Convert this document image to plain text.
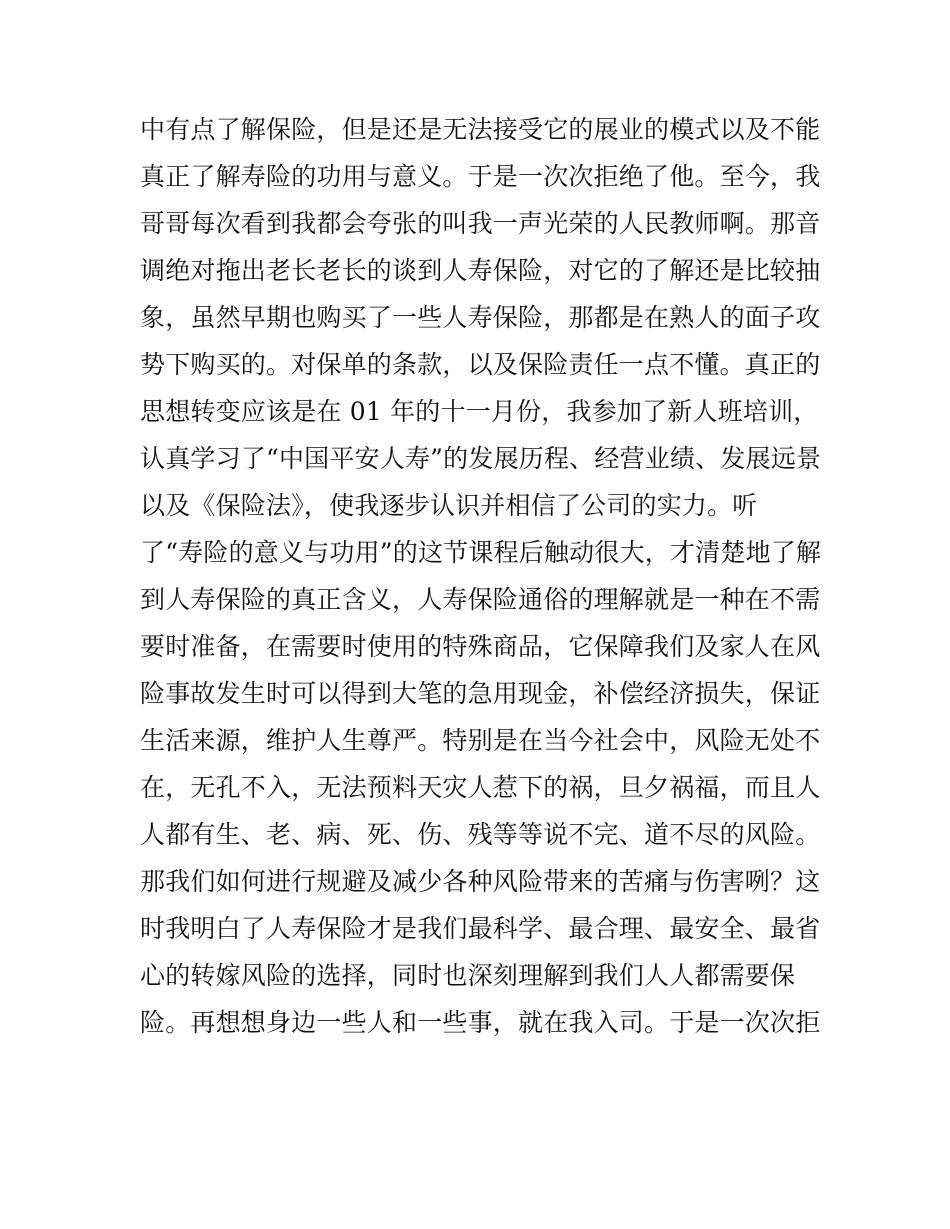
中有点了解保险，但是还是无法接受它的展业的模式以及不能
真正了解寿险的功用与意义。于是一次次拒绝了他。至今，我
哥哥每次看到我都会夸张的叫我一声光荣的人民教师啊。那音
调绝对拖出老长老长的谈到人寿保险，对它的了解还是比较抽
象，虽然早期也购买了一些人寿保险，那都是在熟人的面子攻
势下购买的。对保单的条款，以及保险责任一点不懂。真正的
思想转变应该是在 01 年的十一月份，我参加了新人班培训，
认真学习了“中国平安人寿”的发展历程、经营业绩、发展远景
以及《保险法》，使我逐步认识并相信了公司的实力。听
了“寿险的意义与功用”的这节课程后触动很大，才清楚地了解
到人寿保险的真正含义，人寿保险通俗的理解就是一种在不需
要时准备，在需要时使用的特殊商品，它保障我们及家人在风
险事故发生时可以得到大笔的急用现金，补偿经济损失，保证
生活来源，维护人生尊严。特别是在当今社会中，风险无处不
在，无孔不入，无法预料天灾人惹下的祸，旦夕祸福，而且人
人都有生、老、病、死、伤、残等等说不完、道不尽的风险。
那我们如何进行规避及减少各种风险带来的苦痛与伤害咧？这
时我明白了人寿保险才是我们最科学、最合理、最安全、最省
心的转嫁风险的选择，同时也深刻理解到我们人人都需要保
险。再想想身边一些人和一些事，就在我入司。于是一次次拒
